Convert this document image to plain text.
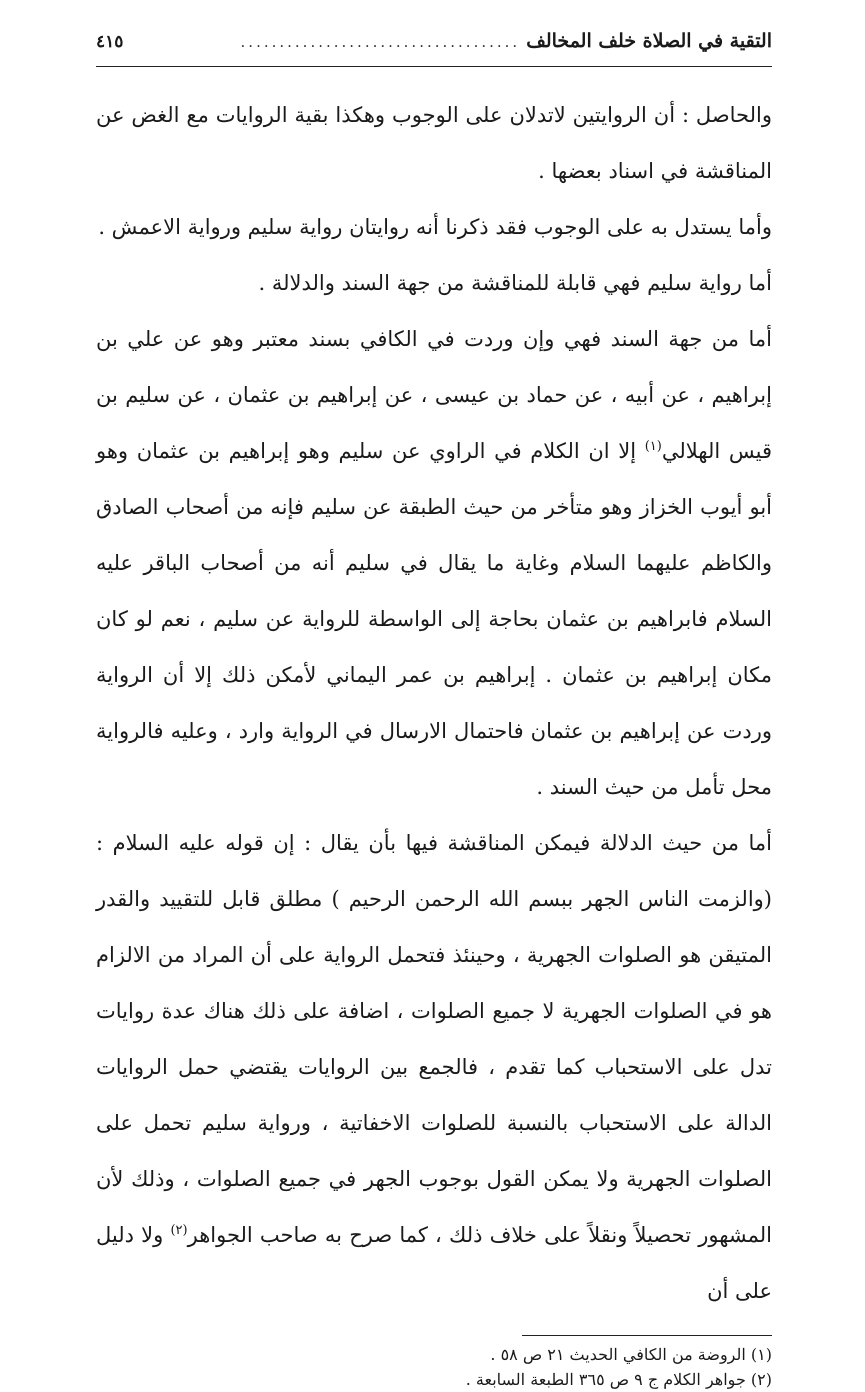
التقية في الصلاة خلف المخالف
....................................
٤١٥

والحاصل : أن الروايتين لاتدلان على الوجوب وهكذا بقية الروايات مع الغض عن المناقشة في اسناد بعضها .

وأما يستدل به على الوجوب فقد ذكرنا أنه روايتان رواية سليم ورواية الاعمش .

أما رواية سليم فهي قابلة للمناقشة من جهة السند والدلالة .

أما من جهة السند فهي وإن وردت في الكافي بسند معتبر وهو عن علي بن إبراهيم ، عن أبيه ، عن حماد بن عيسى ، عن إبراهيم بن عثمان ، عن سليم بن قيس الهلالي$^{(١)}$ إلا ان الكلام في الراوي عن سليم وهو إبراهيم بن عثمان وهو أبو أيوب الخزاز وهو متأخر من حيث الطبقة عن سليم فإنه من أصحاب الصادق والكاظم عليهما السلام وغاية ما يقال في سليم أنه من أصحاب الباقر عليه السلام فابراهيم بن عثمان بحاجة إلى الواسطة للرواية عن سليم ، نعم لو كان مكان إبراهيم بن عثمان . إبراهيم بن عمر اليماني لأمكن ذلك إلا أن الرواية وردت عن إبراهيم بن عثمان فاحتمال الارسال في الرواية وارد ، وعليه فالرواية محل تأمل من حيث السند .

أما من حيث الدلالة فيمكن المناقشة فيها بأن يقال : إن قوله عليه السلام : (والزمت الناس الجهر ببسم الله الرحمن الرحيم ) مطلق قابل للتقييد والقدر المتيقن هو الصلوات الجهرية ، وحينئذ فتحمل الرواية على أن المراد من الالزام هو في الصلوات الجهرية لا جميع الصلوات ، اضافة على ذلك هناك عدة روايات تدل على الاستحباب كما تقدم ، فالجمع بين الروايات يقتضي حمل الروايات الدالة على الاستحباب بالنسبة للصلوات الاخفاتية ، ورواية سليم تحمل على الصلوات الجهرية ولا يمكن القول بوجوب الجهر في جميع الصلوات ، وذلك لأن المشهور تحصيلاً ونقلاً على خلاف ذلك ، كما صرح به صاحب الجواهر$^{(٢)}$ ولا دليل على أن

(١) الروضة من الكافي الحديث ٢١ ص ٥٨ .
(٢) جواهر الكلام ج ٩ ص ٣٦٥ الطبعة السابعة .
